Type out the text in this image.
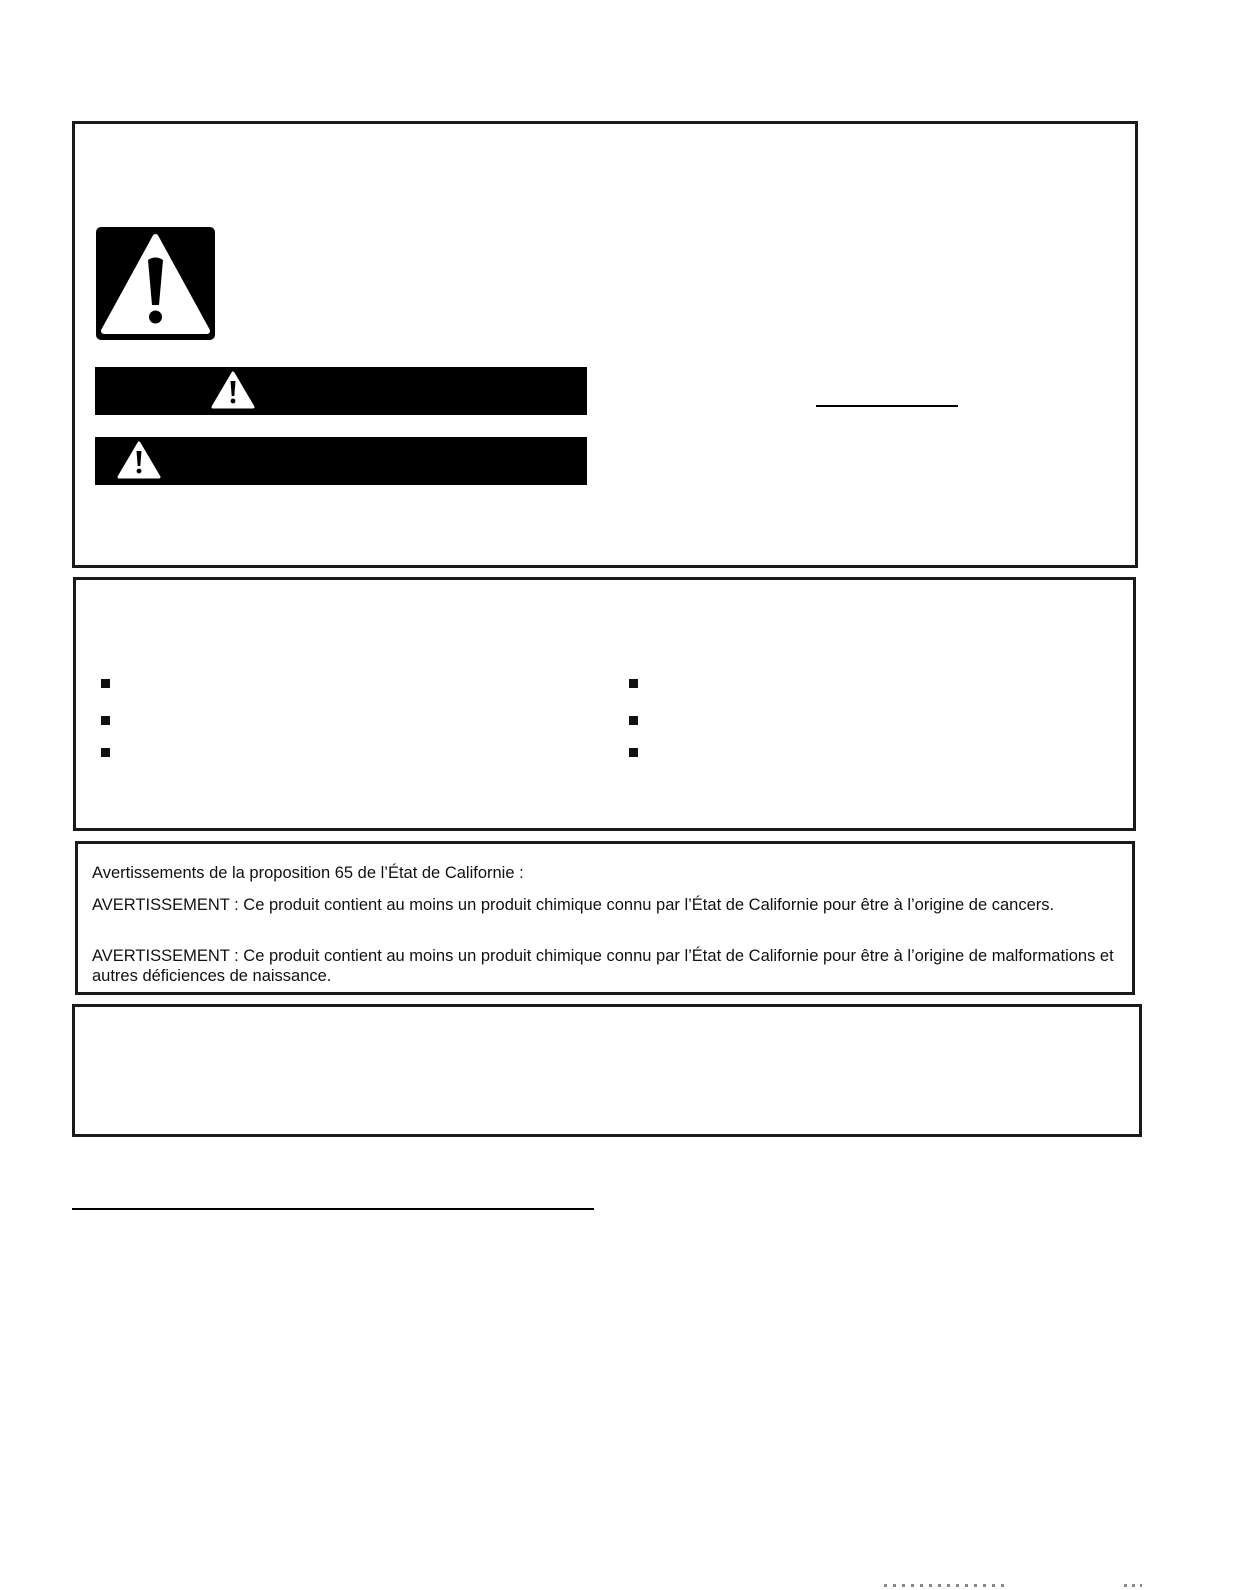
Avertissements de la proposition 65 de l’État de Californie :
AVERTISSEMENT : Ce produit contient au moins un produit chimique connu par l’État de Californie pour être à l’origine de cancers.
AVERTISSEMENT : Ce produit contient au moins un produit chimique connu par l’État de Californie pour être à l’origine de malformations et autres déficiences de naissance.
